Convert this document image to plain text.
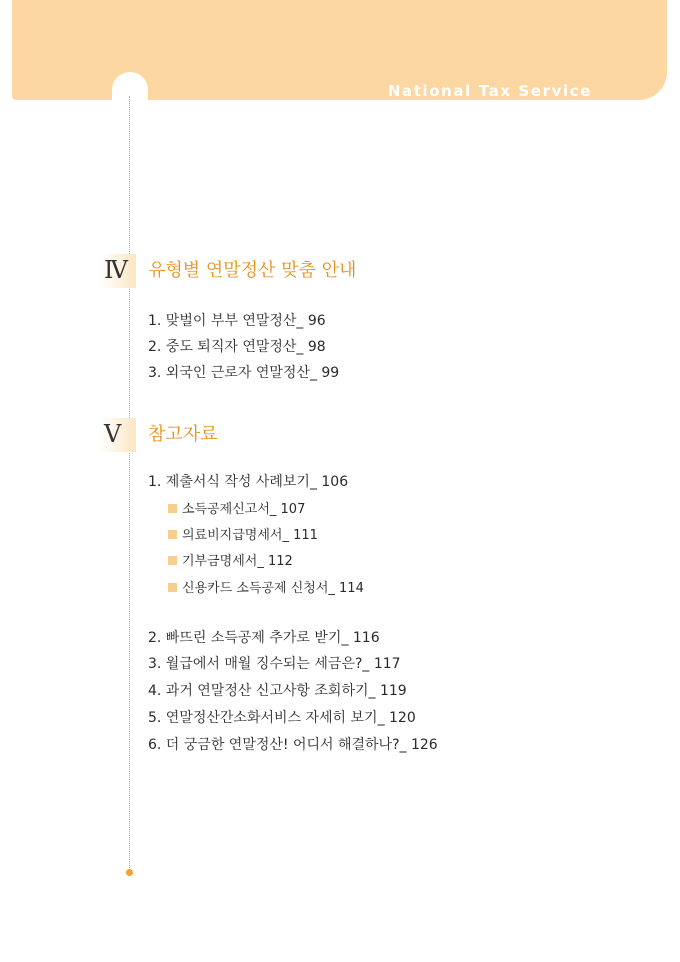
National Tax Service
Ⅳ	유형별 연말정산 맞춤 안내
1. 맞벌이 부부 연말정산_ 96
2. 중도 퇴직자 연말정산_ 98
3. 외국인 근로자 연말정산_ 99
Ⅴ	참고자료
1. 제출서식 작성 사례보기_ 106
소득공제신고서_ 107
의료비지급명세서_ 111
기부금명세서_ 112
신용카드 소득공제 신청서_ 114
2. 빠뜨린 소득공제 추가로 받기_ 116
3. 월급에서 매월 징수되는 세금은?_ 117
4. 과거 연말정산 신고사항 조회하기_ 119
5. 연말정산간소화서비스 자세히 보기_ 120
6. 더 궁금한 연말정산! 어디서 해결하나?_ 126
